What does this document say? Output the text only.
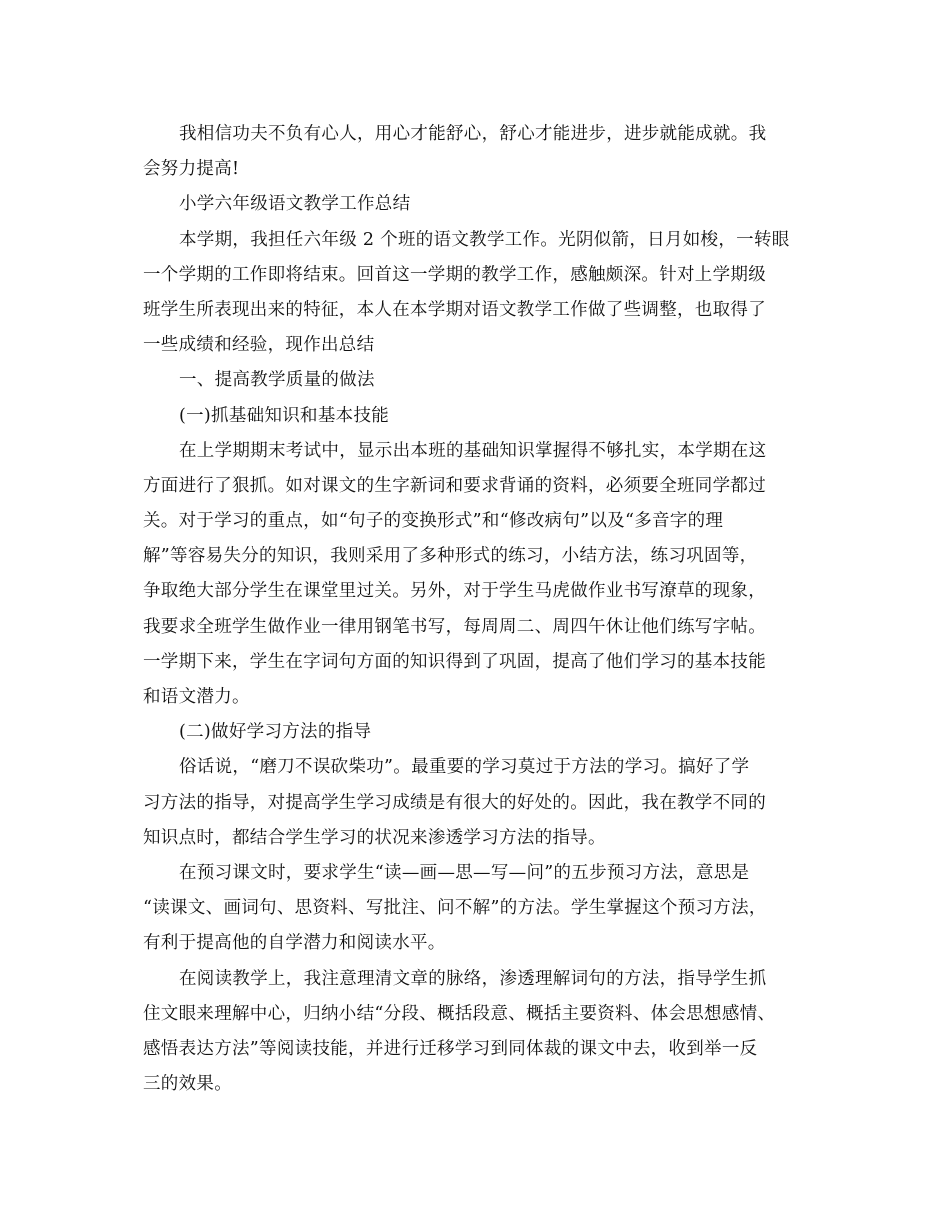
我相信功夫不负有心人，用心才能舒心，舒心才能进步，进步就能成就。我
会努力提高!
小学六年级语文教学工作总结
本学期，我担任六年级 2 个班的语文教学工作。光阴似箭，日月如梭，一转眼
一个学期的工作即将结束。回首这一学期的教学工作，感触颇深。针对上学期级
班学生所表现出来的特征，本人在本学期对语文教学工作做了些调整，也取得了
一些成绩和经验，现作出总结
一、提高教学质量的做法
(一)抓基础知识和基本技能
在上学期期末考试中，显示出本班的基础知识掌握得不够扎实，本学期在这
方面进行了狠抓。如对课文的生字新词和要求背诵的资料，必须要全班同学都过
关。对于学习的重点，如“句子的变换形式”和“修改病句”以及“多音字的理
解”等容易失分的知识，我则采用了多种形式的练习，小结方法，练习巩固等，
争取绝大部分学生在课堂里过关。另外，对于学生马虎做作业书写潦草的现象，
我要求全班学生做作业一律用钢笔书写，每周周二、周四午休让他们练写字帖。
一学期下来，学生在字词句方面的知识得到了巩固，提高了他们学习的基本技能
和语文潜力。
(二)做好学习方法的指导
俗话说，“磨刀不误砍柴功”。最重要的学习莫过于方法的学习。搞好了学
习方法的指导，对提高学生学习成绩是有很大的好处的。因此，我在教学不同的
知识点时，都结合学生学习的状况来渗透学习方法的指导。
在预习课文时，要求学生“读—画—思—写—问”的五步预习方法，意思是
“读课文、画词句、思资料、写批注、问不解”的方法。学生掌握这个预习方法，
有利于提高他的自学潜力和阅读水平。
在阅读教学上，我注意理清文章的脉络，渗透理解词句的方法，指导学生抓
住文眼来理解中心，归纳小结“分段、概括段意、概括主要资料、体会思想感情、
感悟表达方法”等阅读技能，并进行迁移学习到同体裁的课文中去，收到举一反
三的效果。
